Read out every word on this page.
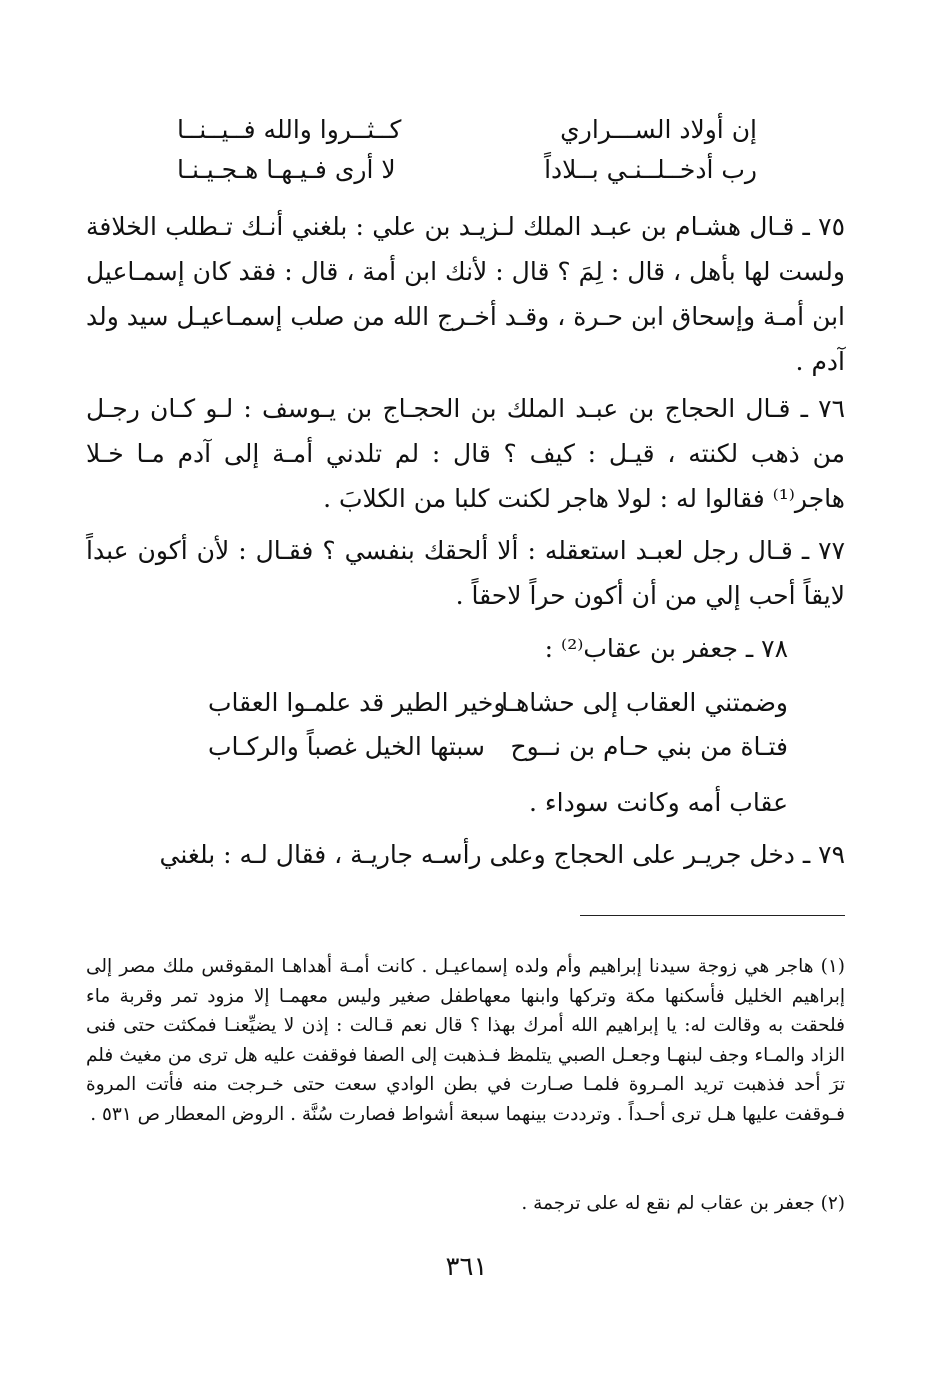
إن أولاد الســـراري
كــثــروا والله فــيــنــا
رب أدخــلــنـي بــلاداً
لا أرى فـيـهـا هـجـيـنـا

٧٥ ـ قـال هشـام بن عبـد الملك لـزيـد بن علي : بلغني أنـك تـطلب الخلافة ولست لها بأهل ، قال : لِمَ ؟ قال : لأنك ابن أمة ، قال : فقد كان إسمـاعيل ابن أمـة وإسحاق ابن حـرة ، وقـد أخـرج الله من صلب إسمـاعيـل سيد ولد آدم .

٧٦ ـ قـال الحجاج بن عبـد الملك بن الحجـاج بن يـوسف : لـو كـان رجـل من ذهب لكنته ، قيـل : كيف ؟ قال : لم تلدني أمـة إلى آدم مـا خـلا هاجر⁽¹⁾ فقالوا له : لولا هاجر لكنت كلبا من الكلابَ .

٧٧ ـ قـال رجل لعبـد استعقله : ألا ألحقك بنفسي ؟ فقـال : لأن أكون عبداً لايقاً أحب إلي من أن أكون حراً لاحقاً .

٧٨ ـ جعفر بن عقاب⁽²⁾ :

وضمتني العقاب إلى حشاهـا
وخير الطير قد علمـوا العقاب
فتـاة من بني حـام بن نــوح
سبتها الخيل غصباً والركـاب

عقاب أمه وكانت سوداء .

٧٩ ـ دخل جريـر على الحجاج وعلى رأسـه جاريـة ، فقال لـه : بلغني

(١) هاجر هي زوجة سيدنا إبراهيم وأم ولده إسماعيـل . كانت أمـة أهداهـا المقوقس ملك مصر إلى إبراهيم الخليل فأسكنها مكة وتركها وابنها معهاطفل صغير وليس معهمـا إلا مزود تمر وقربة ماء فلحقت به وقالت له: يا إبراهيم الله أمرك بهذا ؟ قال نعم قـالت : إذن لا يضيِّعنـا فمكثت حتى فنى الزاد والمـاء وجف لبنهـا وجعـل الصبي يتلمظ فـذهبت إلى الصفا فوقفت عليه هل ترى من مغيث فلم ترَ أحد فذهبت تريد المـروة فلمـا صـارت في بطن الوادي سعت حتى خـرجت منه فأتت المروة فـوقفت عليها هـل ترى أحـداً . وترددت بينهما سبعة أشواط فصارت سُنَّة . الروض المعطار ص ٥٣١ .

(٢) جعفر بن عقاب لم نقع له على ترجمة .

٣٦١
